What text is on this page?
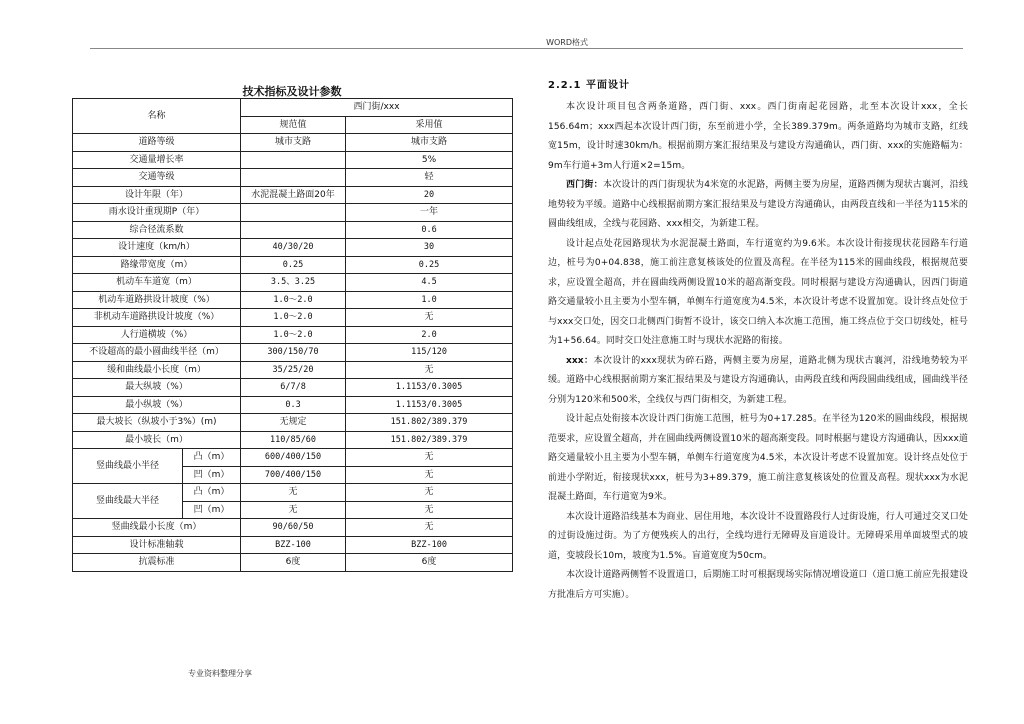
WORD格式
技术指标及设计参数
名称		西门街/xxx	
		规范值	采用值
道路等级		城市支路	城市支路
交通量增长率			5%
交通等级			轻
设计年限（年）		水泥混凝土路面20年	20
雨水设计重现期P（年）			一年
综合径流系数			0.6
设计速度（km/h）		40/30/20	30
路缘带宽度（m）		0.25	0.25
机动车车道宽（m）		3.5、3.25	4.5
机动车道路拱设计坡度（%）		1.0～2.0	1.0
非机动车道路拱设计坡度（%）		1.0～2.0	无
人行道横坡（%）		1.0～2.0	2.0
不设超高的最小圆曲线半径（m）		300/150/70	115/120
缓和曲线最小长度（m）		35/25/20	无
最大纵坡（%）		6/7/8	1.1153/0.3005
最小纵坡（%）		0.3	1.1153/0.3005
最大坡长（纵坡小于3%）(m)		无规定	151.802/389.379
最小坡长（m）		110/85/60	151.802/389.379
竖曲线最小半径	凸（m）	600/400/150	无
	凹（m）	700/400/150	无
竖曲线最大半径	凸（m）	无	无
	凹（m）	无	无
竖曲线最小长度（m）		90/60/50	无
设计标准轴载		BZZ-100	BZZ-100
抗震标准		6度	6度
2.2.1 平面设计

本次设计项目包含两条道路，西门街、xxx。西门街南起花园路，北至本次设计xxx，全长156.64m；xxx西起本次设计西门街，东至前进小学，全长389.379m。两条道路均为城市支路，红线宽15m，设计时速30km/h。根据前期方案汇报结果及与建设方沟通确认，西门街、xxx的实施路幅为：9m车行道+3m人行道×2=15m。

西门街：本次设计的西门街现状为4米宽的水泥路，两侧主要为房屋，道路西侧为现状古襄河，沿线地势较为平缓。道路中心线根据前期方案汇报结果及与建设方沟通确认，由两段直线和一半径为115米的圆曲线组成，全线与花园路、xxx相交，为新建工程。

设计起点处花园路现状为水泥混凝土路面，车行道宽约为9.6米。本次设计衔接现状花园路车行道边，桩号为0+04.838，施工前注意复核该处的位置及高程。在半径为115米的圆曲线段，根据规范要求，应设置全超高，并在圆曲线两侧设置10米的超高渐变段。同时根据与建设方沟通确认，因西门街道路交通量较小且主要为小型车辆，单侧车行道宽度为4.5米，本次设计考虑不设置加宽。设计终点处位于与xxx交口处，因交口北侧西门街暂不设计，该交口纳入本次施工范围，施工终点位于交口切线处，桩号为1+56.64。同时交口处注意施工时与现状水泥路的衔接。

xxx：本次设计的xxx现状为碎石路，两侧主要为房屋，道路北侧为现状古襄河，沿线地势较为平缓。道路中心线根据前期方案汇报结果及与建设方沟通确认，由两段直线和两段圆曲线组成，圆曲线半径分别为120米和500米，全线仅与西门街相交，为新建工程。

设计起点处衔接本次设计西门街施工范围，桩号为0+17.285。在半径为120米的圆曲线段，根据规范要求，应设置全超高，并在圆曲线两侧设置10米的超高渐变段。同时根据与建设方沟通确认，因xxx道路交通量较小且主要为小型车辆，单侧车行道宽度为4.5米，本次设计考虑不设置加宽。设计终点处位于前进小学附近，衔接现状xxx，桩号为3+89.379，施工前注意复核该处的位置及高程。现状xxx为水泥混凝土路面，车行道宽为9米。

本次设计道路沿线基本为商业、居住用地，本次设计不设置路段行人过街设施，行人可通过交叉口处的过街设施过街。为了方便残疾人的出行，全线均进行无障碍及盲道设计。无障碍采用单面坡型式的坡道，变坡段长10m，坡度为1.5%。盲道宽度为50cm。

本次设计道路两侧暂不设置道口，后期施工时可根据现场实际情况增设道口（道口施工前应先报建设方批准后方可实施）。

专业资料整理分享
